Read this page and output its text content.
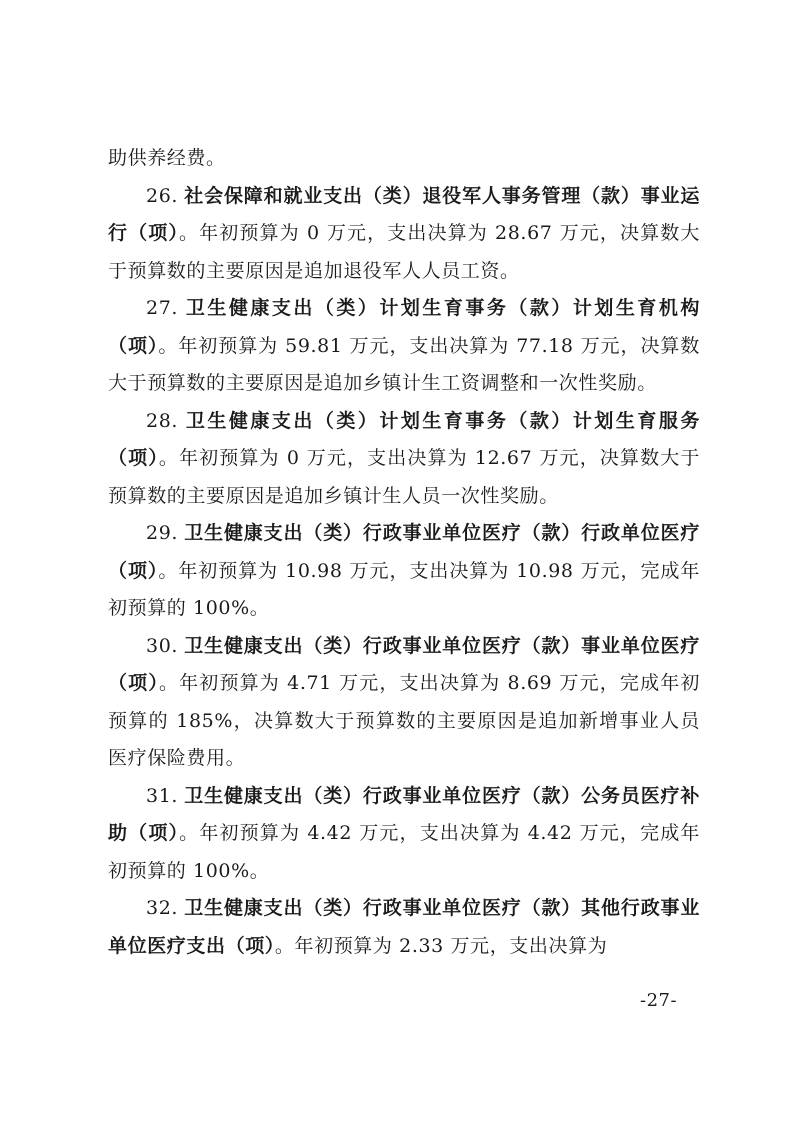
助供养经费。

26. 社会保障和就业支出（类）退役军人事务管理（款）事业运行（项）。年初预算为 0 万元，支出决算为 28.67 万元，决算数大于预算数的主要原因是追加退役军人人员工资。

27. 卫生健康支出（类）计划生育事务（款）计划生育机构（项）。年初预算为 59.81 万元，支出决算为 77.18 万元，决算数大于预算数的主要原因是追加乡镇计生工资调整和一次性奖励。

28. 卫生健康支出（类）计划生育事务（款）计划生育服务（项）。年初预算为 0 万元，支出决算为 12.67 万元，决算数大于预算数的主要原因是追加乡镇计生人员一次性奖励。

29. 卫生健康支出（类）行政事业单位医疗（款）行政单位医疗（项）。年初预算为 10.98 万元，支出决算为 10.98 万元，完成年初预算的 100%。

30. 卫生健康支出（类）行政事业单位医疗（款）事业单位医疗（项）。年初预算为 4.71 万元，支出决算为 8.69 万元，完成年初预算的 185%，决算数大于预算数的主要原因是追加新增事业人员医疗保险费用。

31. 卫生健康支出（类）行政事业单位医疗（款）公务员医疗补助（项）。年初预算为 4.42 万元，支出决算为 4.42 万元，完成年初预算的 100%。

32. 卫生健康支出（类）行政事业单位医疗（款）其他行政事业单位医疗支出（项）。年初预算为 2.33 万元，支出决算为

-27-
